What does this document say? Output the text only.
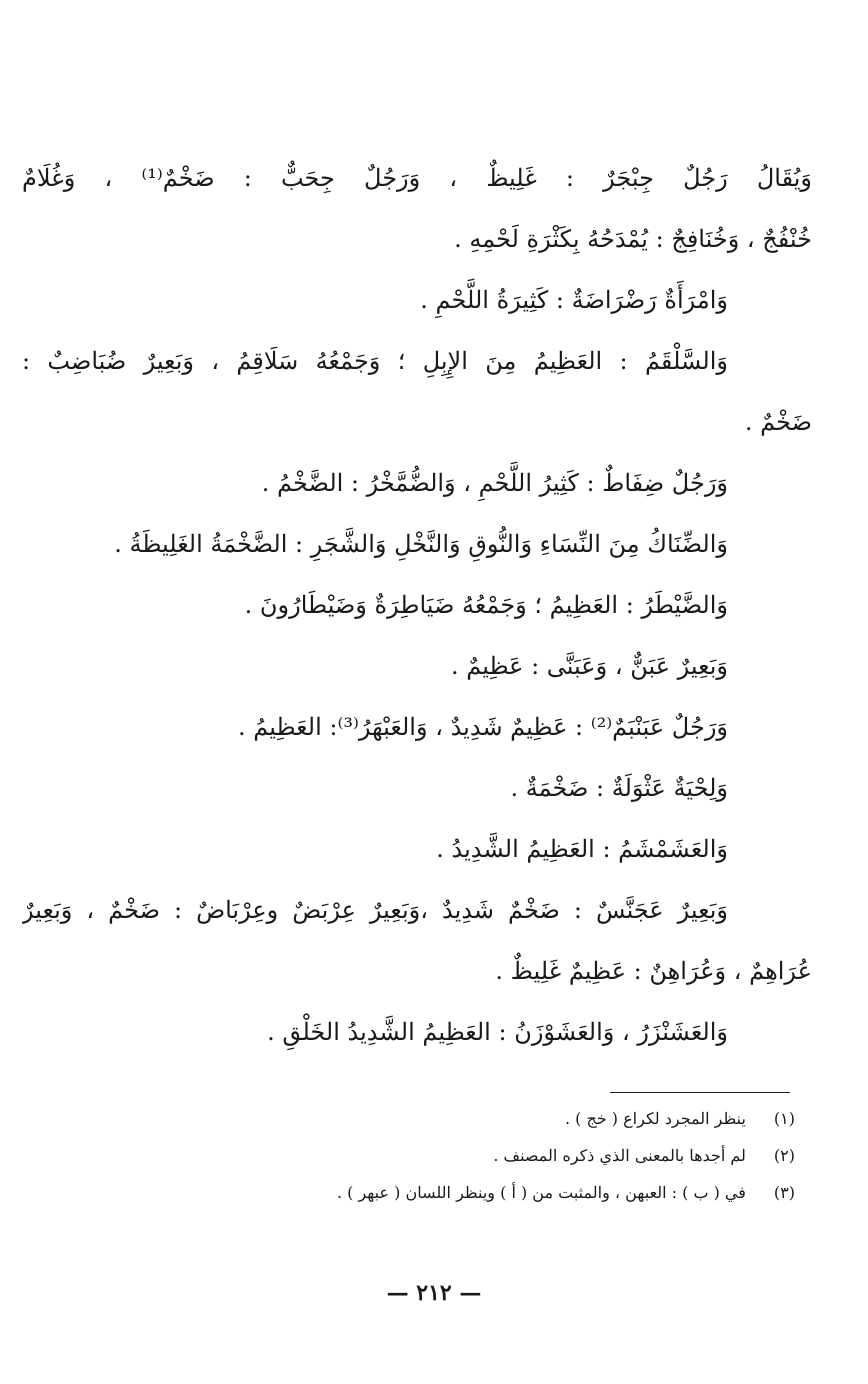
وَيُقَالُ رَجُلٌ جِبْجَرٌ : غَلِيظٌ ، وَرَجُلٌ جِحَبٌّ : ضَخْمٌ⁽¹⁾ ، وَغُلَامٌ
خُنْفُجٌ ، وَخُنَافِجٌ : يُمْدَحُهُ بِكَثْرَةِ لَحْمِهِ .
وَامْرَأَةٌ رَضْرَاضَةٌ : كَثِيرَةُ اللَّحْمِ .
وَالسَّلْقَمُ : العَظِيمُ مِنَ الإِبِلِ ؛ وَجَمْعُهُ سَلَاقِمُ ، وَبَعِيرٌ ضُبَاضِبٌ :
ضَخْمٌ .
وَرَجُلٌ ضِفَاطٌ : كَثِيرُ اللَّحْمِ ، وَالضُّمَّخْرُ : الضَّخْمُ .
وَالضِّنَاكُ مِنَ النِّسَاءِ وَالنُّوقِ وَالنَّخْلِ وَالشَّجَرِ : الضَّخْمَةُ الغَلِيظَةُ .
وَالضَّيْطَرُ : العَظِيمُ ؛ وَجَمْعُهُ ضَيَاطِرَةٌ وَضَيْطَارُونَ .
وَبَعِيرٌ عَبَنٌّ ، وَعَبَنَّى : عَظِيمٌ .
وَرَجُلٌ عَبَنْبَمٌ⁽²⁾ : عَظِيمٌ شَدِيدٌ ، وَالعَبْهَرُ⁽³⁾: العَظِيمُ .
وَلِحْيَةٌ عَثْوَلَةٌ : ضَخْمَةٌ .
وَالعَشَمْشَمُ : العَظِيمُ الشَّدِيدُ .
وَبَعِيرٌ عَجَنَّسٌ : ضَخْمٌ شَدِيدٌ ،وَبَعِيرٌ عِرْبَضٌ وعِرْبَاضٌ : ضَخْمٌ ، وَبَعِيرٌ
عُرَاهِمٌ ، وَعُرَاهِنٌ : عَظِيمٌ غَلِيظٌ .
وَالعَشَنْزَرُ ، وَالعَشَوْزَنُ : العَظِيمُ الشَّدِيدُ الخَلْقِ .
(١) ينظر المجرد لكراع ( خج ) .
(٢) لم أجدها بالمعنى الذي ذكره المصنف .
(٣) في ( ب ) : العبهن ، والمثبت من ( أ ) وينظر اللسان ( عبهر ) .
— ٢١٢ —
